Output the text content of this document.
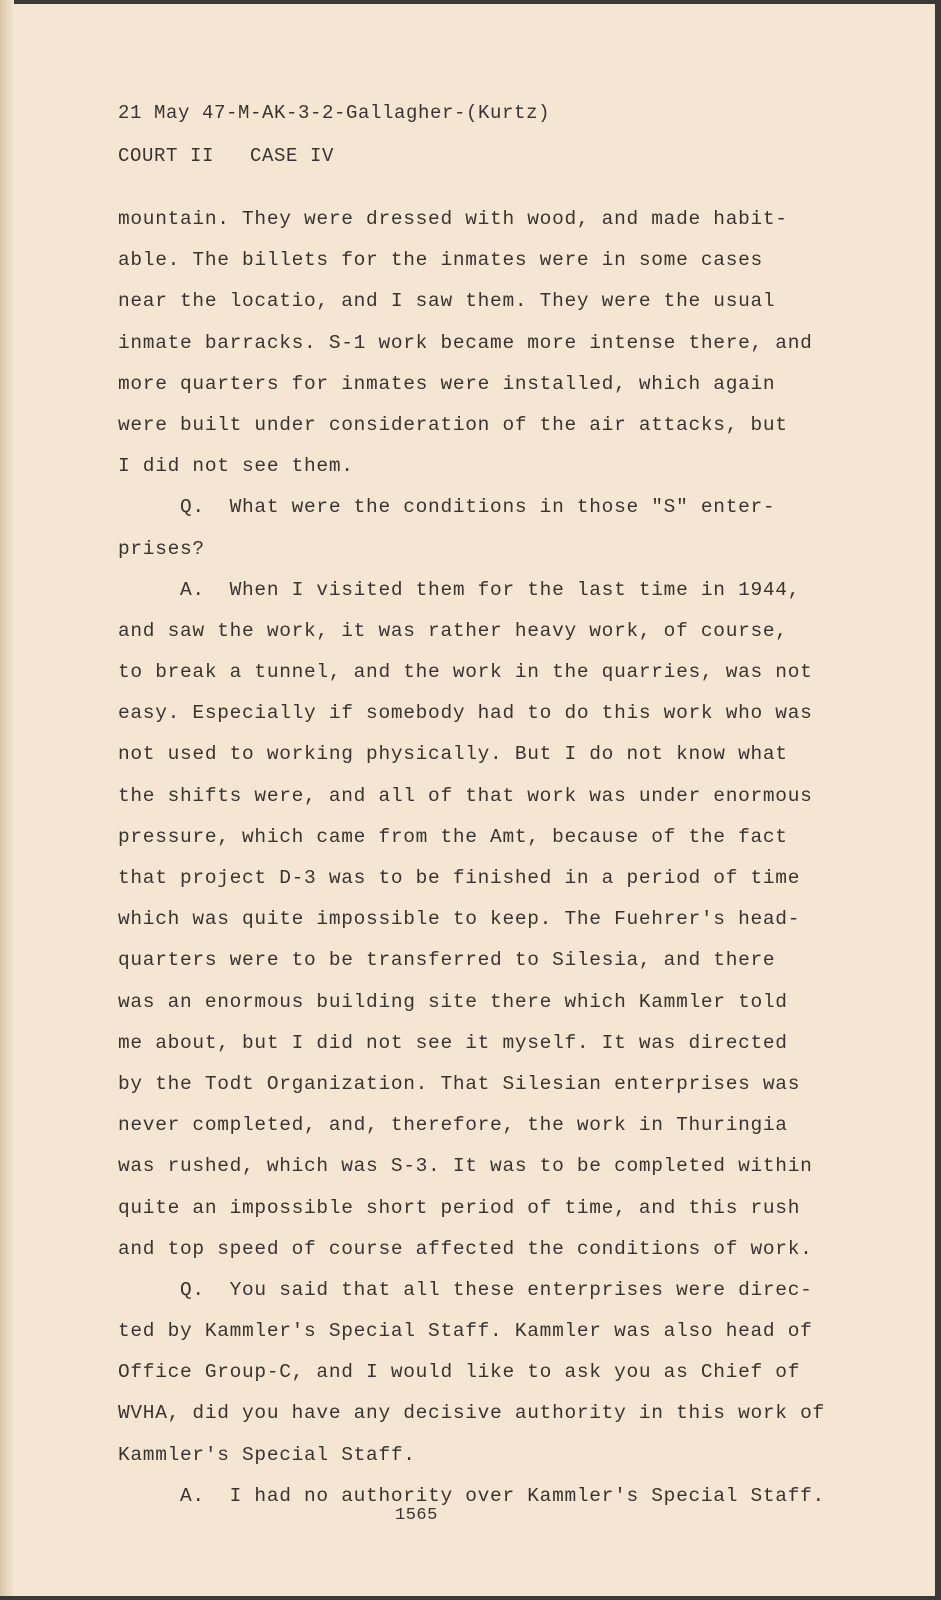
21 May 47-M-AK-3-2-Gallagher-(Kurtz)
COURT II   CASE IV
mountain. They were dressed with wood, and made habit-
able. The billets for the inmates were in some cases
near the locatio, and I saw them. They were the usual
inmate barracks. S-1 work became more intense there, and
more quarters for inmates were installed, which again
were built under consideration of the air attacks, but
I did not see them.
Q.  What were the conditions in those "S" enter-
prises?
A.  When I visited them for the last time in 1944,
and saw the work, it was rather heavy work, of course,
to break a tunnel, and the work in the quarries, was not
easy. Especially if somebody had to do this work who was
not used to working physically. But I do not know what
the shifts were, and all of that work was under enormous
pressure, which came from the Amt, because of the fact
that project D-3 was to be finished in a period of time
which was quite impossible to keep. The Fuehrer's head-
quarters were to be transferred to Silesia, and there
was an enormous building site there which Kammler told
me about, but I did not see it myself. It was directed
by the Todt Organization. That Silesian enterprises was
never completed, and, therefore, the work in Thuringia
was rushed, which was S-3. It was to be completed within
quite an impossible short period of time, and this rush
and top speed of course affected the conditions of work.
Q.  You said that all these enterprises were direc-
ted by Kammler's Special Staff. Kammler was also head of
Office Group-C, and I would like to ask you as Chief of
WVHA, did you have any decisive authority in this work of
Kammler's Special Staff.
A.  I had no authority over Kammler's Special Staff.
1565
